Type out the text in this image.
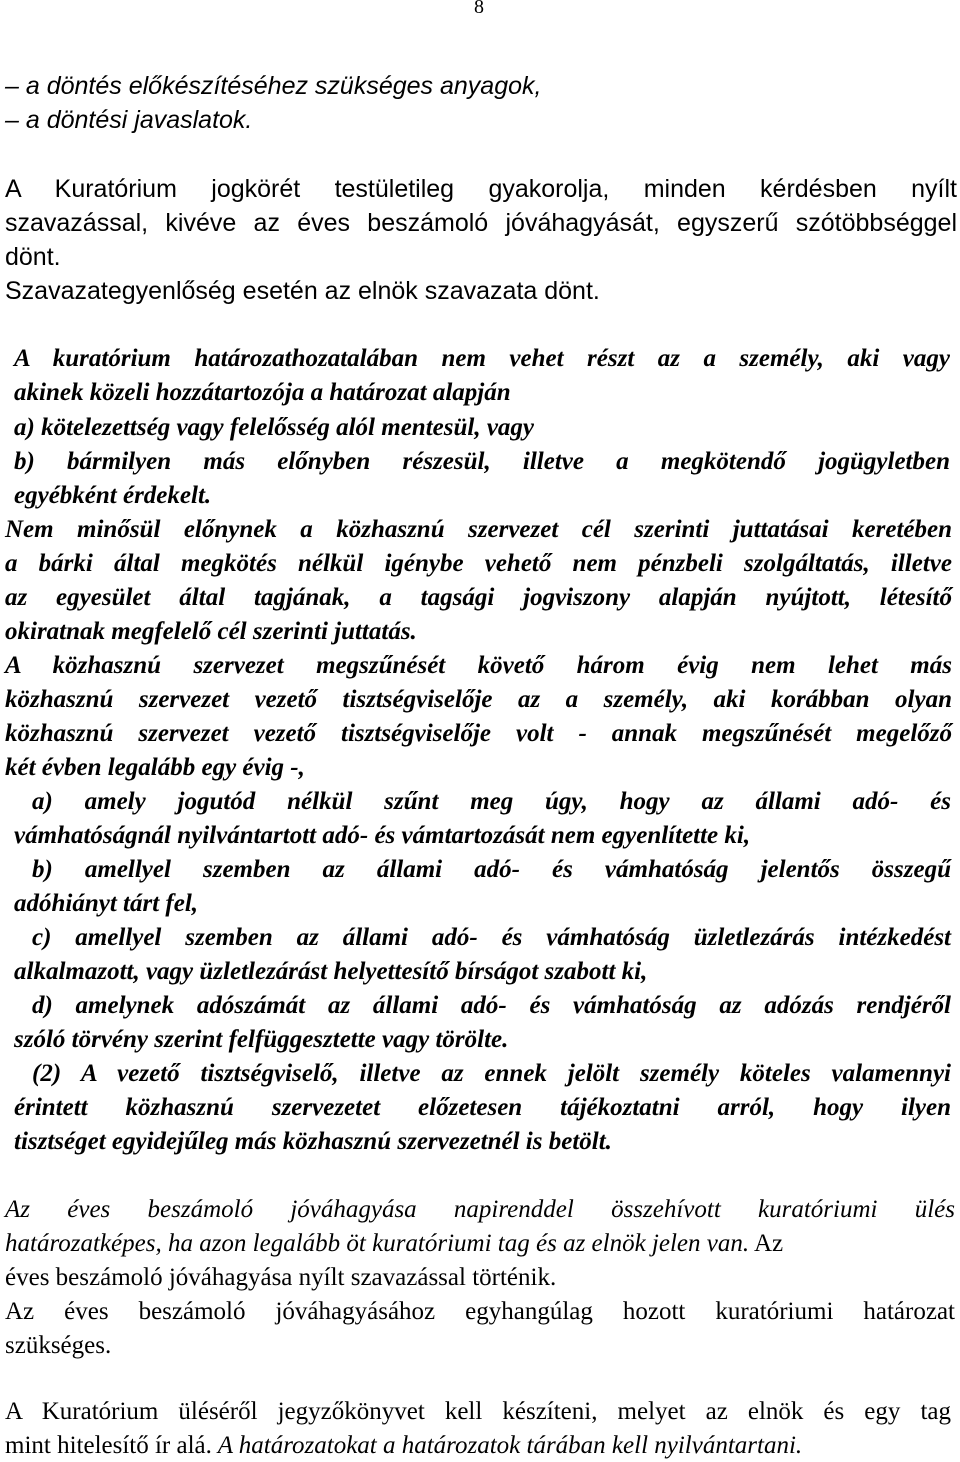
8

– a döntés előkészítéséhez szükséges anyagok,

– a döntési javaslatok.

A Kuratórium jogkörét testületileg gyakorolja, minden kérdésben nyílt

szavazással, kivéve az éves beszámoló jóváhagyását, egyszerű szótöbbséggel

dönt.

Szavazategyenlőség esetén az elnök szavazata dönt.

A kuratórium határozathozatalában nem vehet részt az a személy, aki vagy

akinek közeli hozzátartozója a határozat alapján

a) kötelezettség vagy felelősség alól mentesül, vagy

b) bármilyen más előnyben részesül, illetve a megkötendő jogügyletben

egyébként érdekelt.

Nem minősül előnynek a közhasznú szervezet cél szerinti juttatásai keretében

a bárki által megkötés nélkül igénybe vehető nem pénzbeli szolgáltatás, illetve

az egyesület által tagjának, a tagsági jogviszony alapján nyújtott, létesítő

okiratnak megfelelő cél szerinti juttatás.

A közhasznú szervezet megszűnését követő három évig nem lehet más

közhasznú szervezet vezető tisztségviselője az a személy, aki korábban olyan

közhasznú szervezet vezető tisztségviselője volt - annak megszűnését megelőző

két évben legalább egy évig -,

a) amely jogutód nélkül szűnt meg úgy, hogy az állami adó- és

vámhatóságnál nyilvántartott adó- és vámtartozását nem egyenlítette ki,

b) amellyel szemben az állami adó- és vámhatóság jelentős összegű

adóhiányt tárt fel,

c) amellyel szemben az állami adó- és vámhatóság üzletlezárás intézkedést

alkalmazott, vagy üzletlezárást helyettesítő bírságot szabott ki,

d) amelynek adószámát az állami adó- és vámhatóság az adózás rendjéről

szóló törvény szerint felfüggesztette vagy törölte.

(2) A vezető tisztségviselő, illetve az ennek jelölt személy köteles valamennyi

érintett közhasznú szervezetet előzetesen tájékoztatni arról, hogy ilyen

tisztséget egyidejűleg más közhasznú szervezetnél is betölt.

Az éves beszámoló jóváhagyása napirenddel összehívott kuratóriumi ülés

határozatképes, ha azon legalább öt kuratóriumi tag és az elnök jelen van. Az

éves beszámoló jóváhagyása nyílt szavazással történik.

Az éves beszámoló jóváhagyásához egyhangúlag hozott kuratóriumi határozat

szükséges.

A Kuratórium üléséről jegyzőkönyvet kell készíteni, melyet az elnök és egy tag

mint hitelesítő ír alá. A határozatokat a határozatok tárában kell nyilvántartani.
